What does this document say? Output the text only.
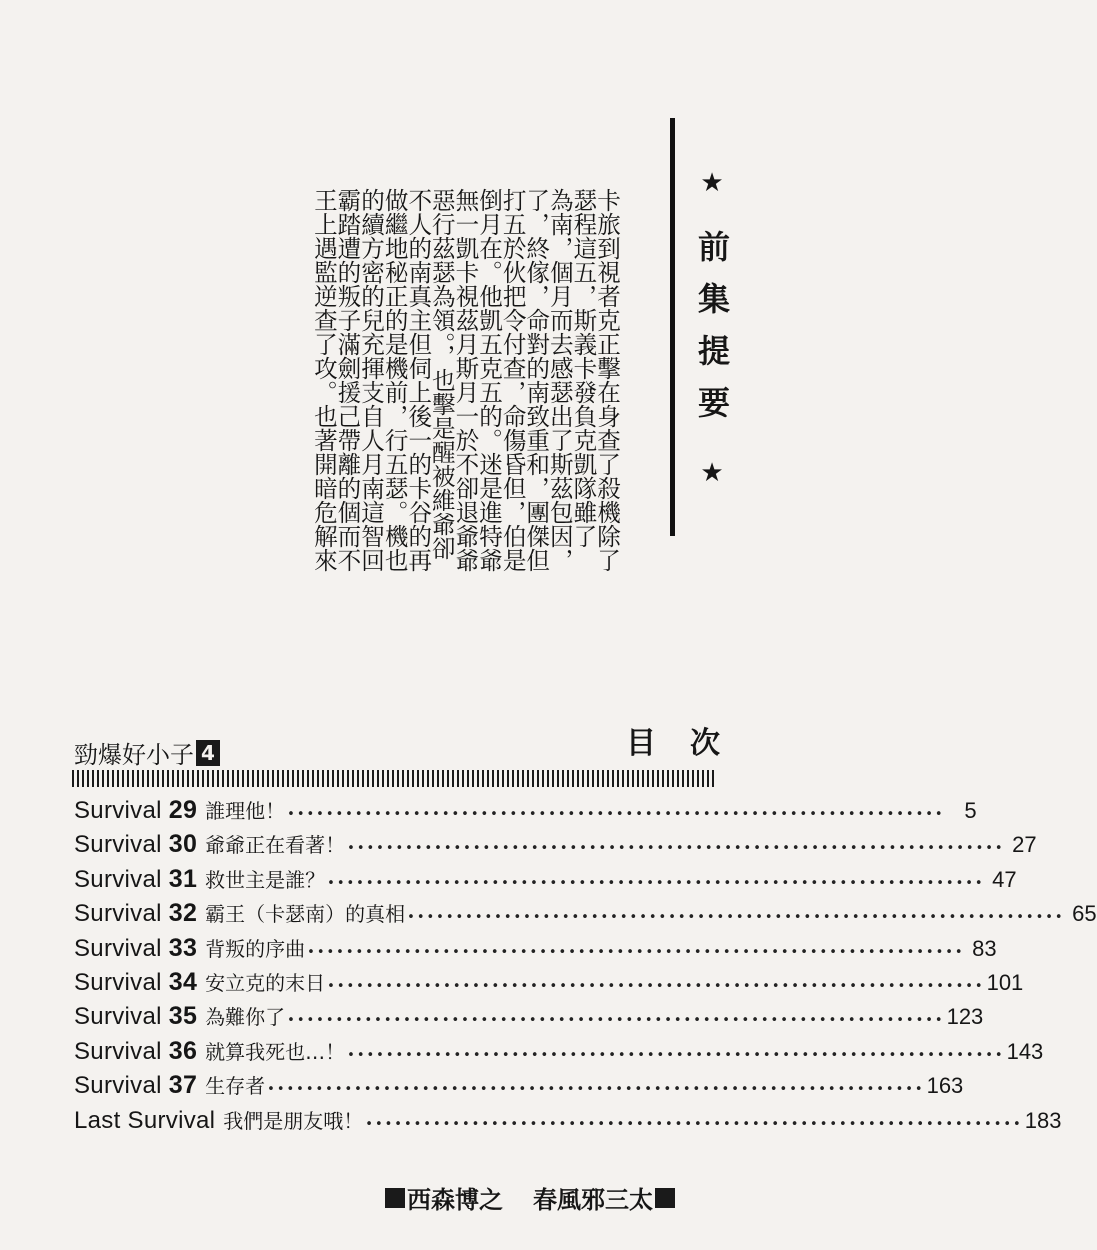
卡旅到視者克正擊在身查了殺機除了
瑟程這五，斯義卡發負克凱隊雖了
為南，個月而去感瑟出了斯茲包因，
了，終傢，命對的南致重和，團傑但
打五於伙把令付查，命傷昏但，伯是
倒月在。他凱五克五的。迷是進特爺
無一凱卡視茲月斯月一於不卻退爺爺
惡行茲瑟為領。，也擊是醒被維爺卻
不人的南真主但伺上後一的卡谷的再
做繼地秘正的是機前，行五瑟。機也
的續方密的兒充揮支自人月南這智回
霸踏遭的叛子滿劍援己帶離的個而不
王上遇監逆查了攻。也著開暗危解來
★
前集提要
★
勁爆好小子 4	目次
Survival 29 誰理他！ •••••	5
Survival 30 爺爺正在看著！ •••••	27
Survival 31 救世主是誰？ •••••	47
Survival 32 霸王（卡瑟南）的真相 •••••	65
Survival 33 背叛的序曲 •••••	83
Survival 34 安立克的末日 •••••	101
Survival 35 為難你了 •••••	123
Survival 36 就算我死也…！ •••••	143
Survival 37 生存者 •••••	163
Last Survival 我們是朋友哦！ •••••	183
西森博之 春風邪三太
